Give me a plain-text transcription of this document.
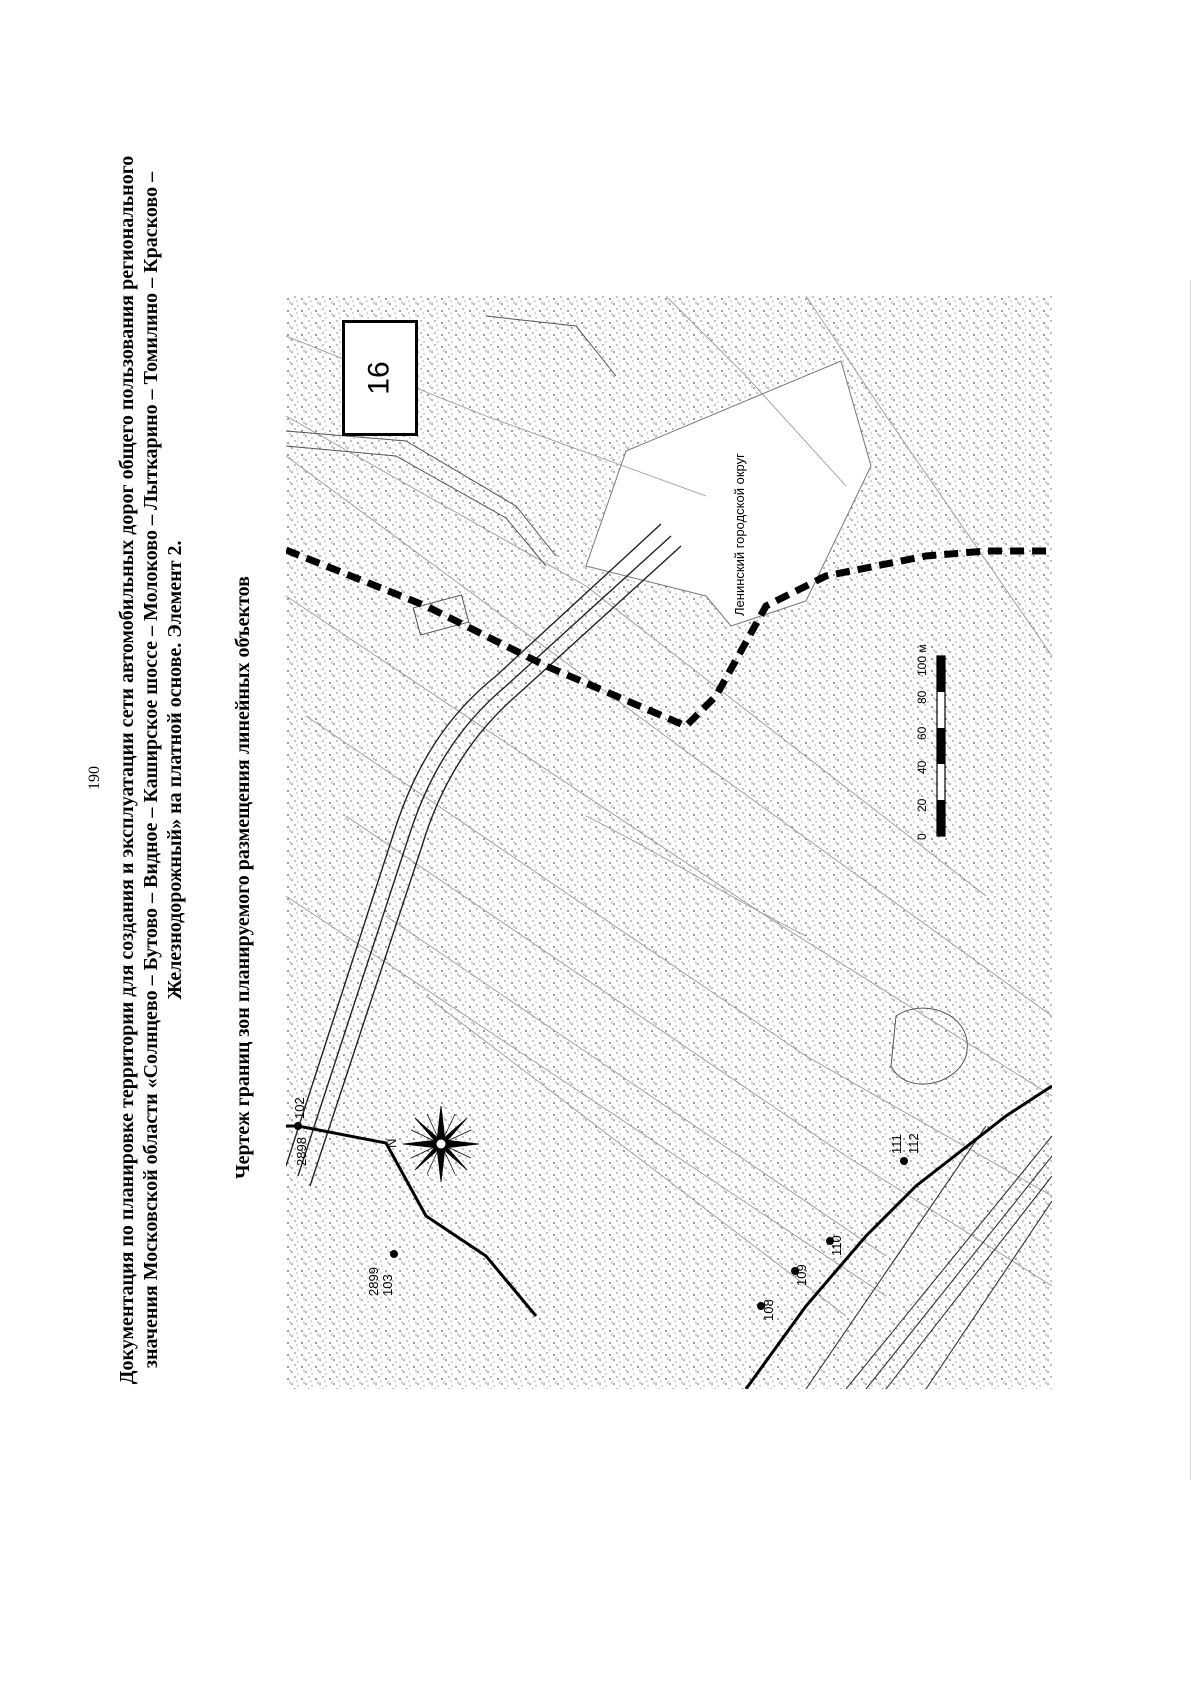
190 Документация по планировке территории для создания и эксплуатации сети автомобильных дорог общего пользования регионального значения Московской области «Солнцево – Бутово – Видное – Каширское шоссе – Молоково – Лыткарино – Томилино – Красково – Железнодорожный» на платной основе. Элемент 2. Чертеж границ зон планируемого размещения линейных объектов	102
2898
2899 103
108
109
110
111 112
N
0
20
40
60
80
100 м
Ленинский городской округ
16
